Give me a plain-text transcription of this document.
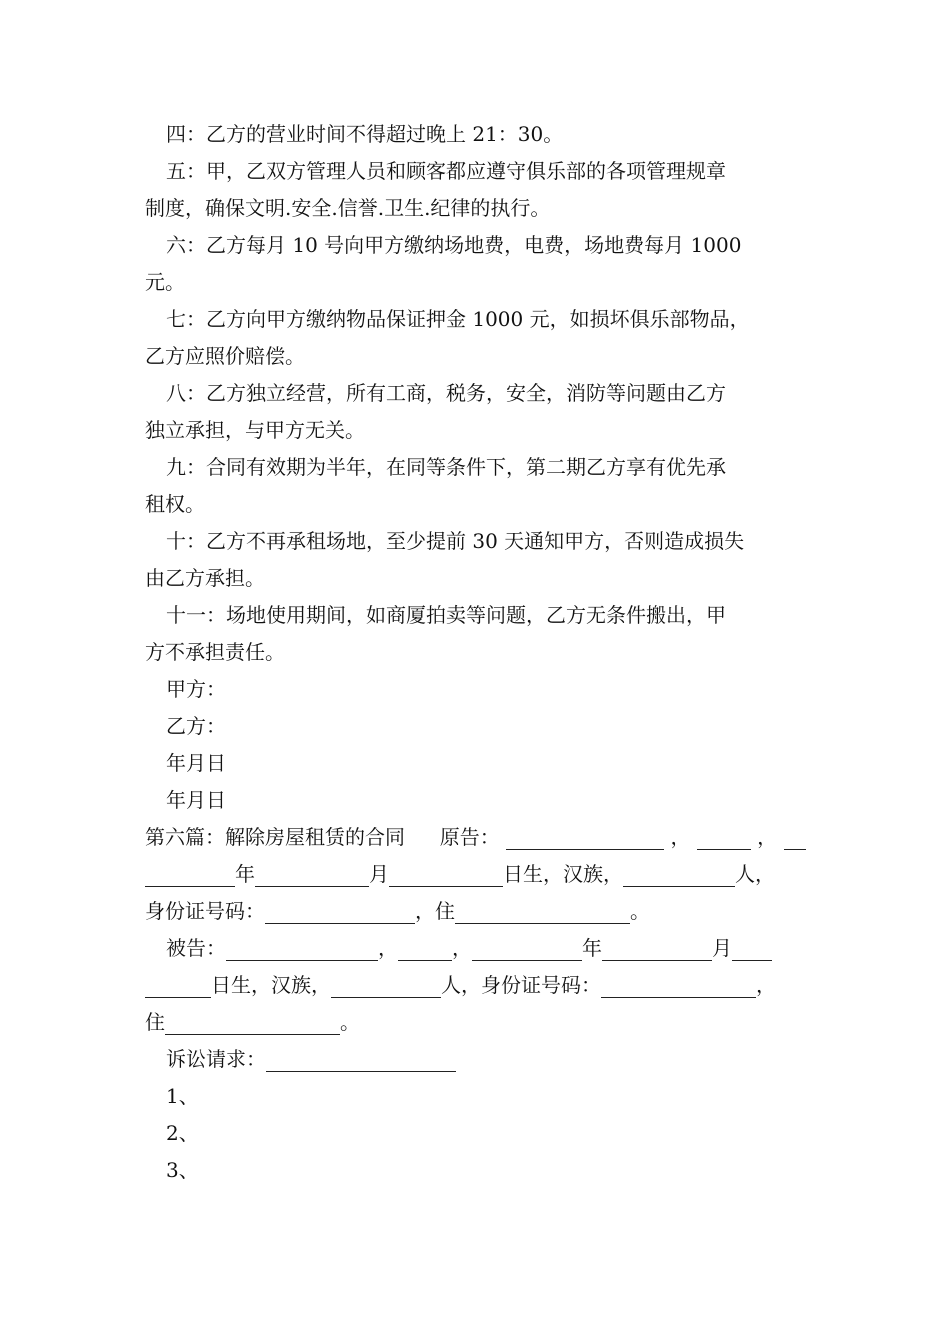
四：乙方的营业时间不得超过晚上 21：30。
五：甲，乙双方管理人员和顾客都应遵守俱乐部的各项管理规章
制度，确保文明.安全.信誉.卫生.纪律的执行。
六：乙方每月 10 号向甲方缴纳场地费，电费，场地费每月 1000
元。
七：乙方向甲方缴纳物品保证押金 1000 元，如损坏俱乐部物品，
乙方应照价赔偿。
八：乙方独立经营，所有工商，税务，安全，消防等问题由乙方
独立承担，与甲方无关。
九：合同有效期为半年，在同等条件下，第二期乙方享有优先承
租权。
十：乙方不再承租场地，至少提前 30 天通知甲方，否则造成损失
由乙方承担。
十一：场地使用期间，如商厦拍卖等问题，乙方无条件搬出，甲
方不承担责任。
甲方：
乙方：
年月日
年月日
第六篇：解除房屋租赁的合同 原告：	，	，
年	月	日生，汉族，	人，
身份证号码：	，住	。
被告：	，	，	年	月
日生，汉族，	人，身份证号码：	，
住	。
诉讼请求：
1、
2、
3、
